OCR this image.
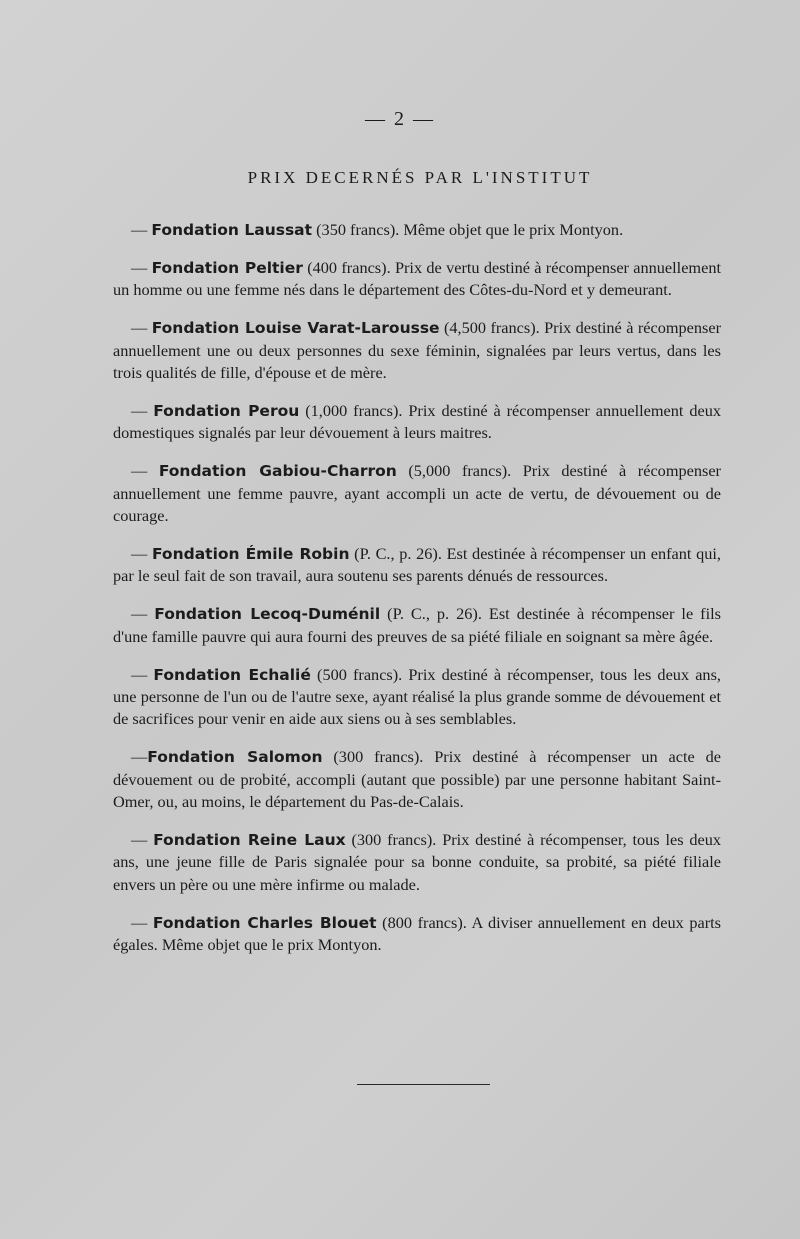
— 2 —
PRIX DECERNÉS PAR L'INSTITUT

— Fondation Laussat (350 francs). Même objet que le prix Montyon.

— Fondation Peltier (400 francs). Prix de vertu destiné à récompenser annuellement un homme ou une femme nés dans le département des Côtes-du-Nord et y demeurant.

— Fondation Louise Varat-Larousse (4,500 francs). Prix destiné à récompenser annuellement une ou deux personnes du sexe féminin, signalées par leurs vertus, dans les trois qualités de fille, d'épouse et de mère.

— Fondation Perou (1,000 francs). Prix destiné à récompenser annuellement deux domestiques signalés par leur dévouement à leurs maitres.

— Fondation Gabiou-Charron (5,000 francs). Prix destiné à récompenser annuellement une femme pauvre, ayant accompli un acte de vertu, de dévouement ou de courage.

— Fondation Émile Robin (P. C., p. 26). Est destinée à récompenser un enfant qui, par le seul fait de son travail, aura soutenu ses parents dénués de ressources.

— Fondation Lecoq-Duménil (P. C., p. 26). Est destinée à récompenser le fils d'une famille pauvre qui aura fourni des preuves de sa piété filiale en soignant sa mère âgée.

— Fondation Echalié (500 francs). Prix destiné à récompenser, tous les deux ans, une personne de l'un ou de l'autre sexe, ayant réalisé la plus grande somme de dévouement et de sacrifices pour venir en aide aux siens ou à ses semblables.

—Fondation Salomon (300 francs). Prix destiné à récompenser un acte de dévouement ou de probité, accompli (autant que possible) par une personne habitant Saint-Omer, ou, au moins, le département du Pas-de-Calais.

— Fondation Reine Laux (300 francs). Prix destiné à récompenser, tous les deux ans, une jeune fille de Paris signalée pour sa bonne conduite, sa probité, sa piété filiale envers un père ou une mère infirme ou malade.

— Fondation Charles Blouet (800 francs). A diviser annuellement en deux parts égales. Même objet que le prix Montyon.
